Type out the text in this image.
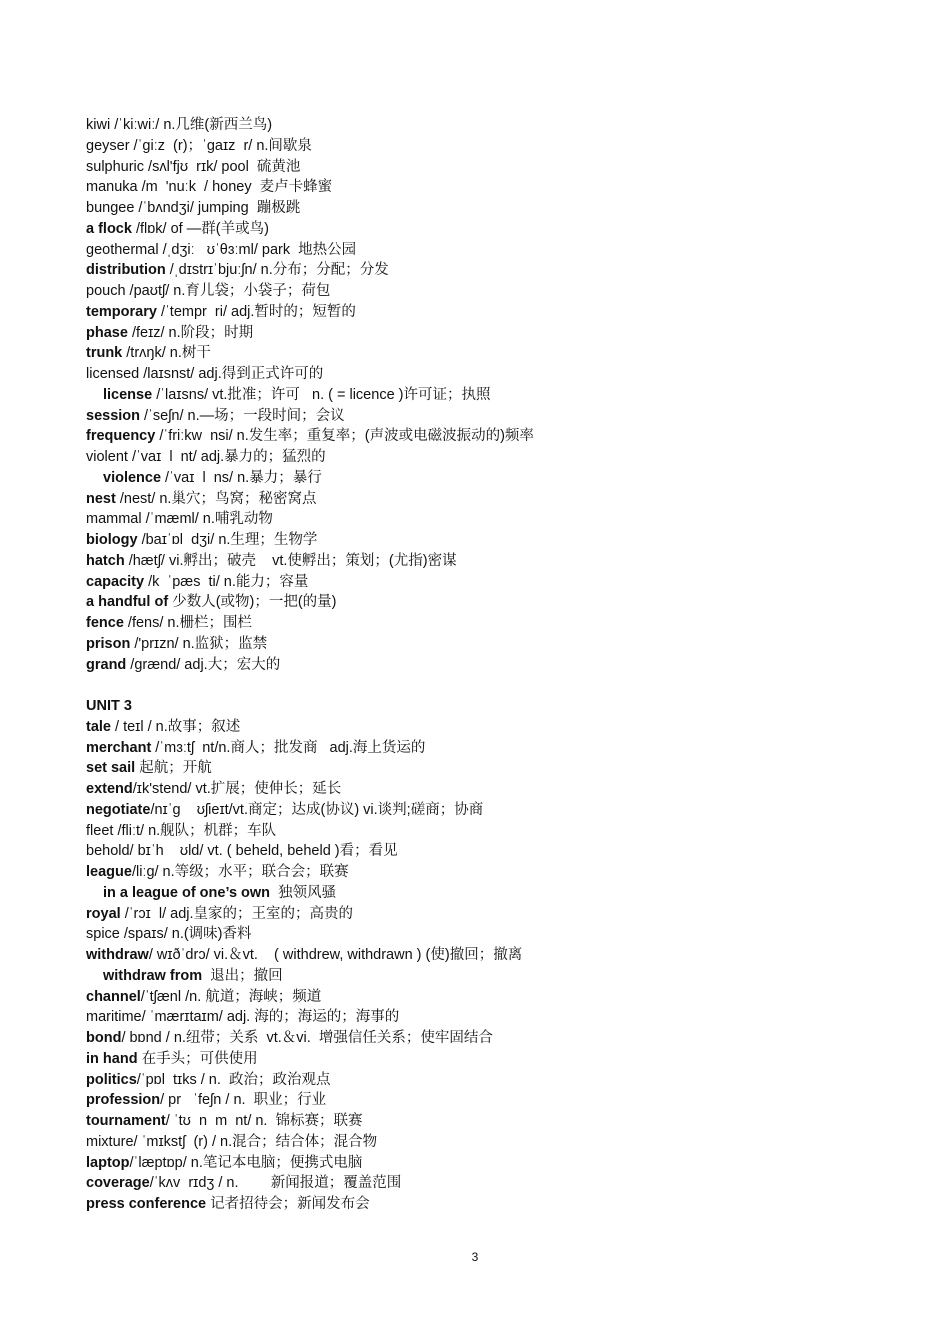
kiwi /ˈkiːwiː/ n.几维(新西兰鸟)
geyser /ˈɡiːz  (r)；ˈɡaɪz  r/ n.间歇泉
sulphuric /sʌl'fjʊ  rɪk/ pool  硫黄池
manuka /m  'nuːk  / honey  麦卢卡蜂蜜
bungee /ˈbʌndʒi/ jumping  蹦极跳
a flock /flɒk/ of —群(羊或鸟)
geothermal /ˌdʒiː   ʊˈθɜːml/ park  地热公园
distribution /ˌdɪstrɪˈbjuːʃn/ n.分布；分配；分发
pouch /paʊtʃ/ n.育儿袋；小袋子；荷包
temporary /ˈtempr  ri/ adj.暂时的；短暂的
phase /feɪz/ n.阶段；时期
trunk /trʌŋk/ n.树干
licensed /laɪsnst/ adj.得到正式许可的
license /ˈlaɪsns/ vt.批准；许可   n. ( = licence )许可证；执照
session /ˈseʃn/ n.—场；一段时间；会议
frequency /ˈfriːkw  nsi/ n.发生率；重复率；(声波或电磁波振动的)频率
violent /ˈvaɪ  l  nt/ adj.暴力的；猛烈的
violence /ˈvaɪ  l  ns/ n.暴力；暴行
nest /nest/ n.巢穴；鸟窝；秘密窝点
mammal /ˈmæml/ n.哺乳动物
biology /baɪˈɒl  dʒi/ n.生理；生物学
hatch /hætʃ/ vi.孵出；破壳    vt.使孵出；策划；(尤指)密谋
capacity /k  ˈpæs  ti/ n.能力；容量
a handful of 少数人(或物)；一把(的量)
fence /fens/ n.栅栏；围栏
prison /'prɪzn/ n.监狱；监禁
grand /ɡrænd/ adj.大；宏大的
UNIT 3
tale / teɪl / n.故事；叙述
merchant /ˈmɜːtʃ  nt/n.商人；批发商   adj.海上货运的
set sail 起航；开航
extend/ɪk'stend/ vt.扩展；使伸长；延长
negotiate/nɪˈɡ    ʊʃieɪt/vt.商定；达成(协议) vi.谈判;磋商；协商
fleet /fliːt/ n.舰队；机群；车队
behold/ bɪˈh    ʊld/ vt. ( beheld, beheld )看；看见
league/liːɡ/ n.等级；水平；联合会；联赛
in a league of one’s own  独领风骚
royal /ˈrɔɪ  l/ adj.皇家的；王室的；高贵的
spice /spaɪs/ n.(调味)香料
withdraw/ wɪðˈdrɔ/ vi.＆vt.    ( withdrew, withdrawn ) (使)撤回；撤离
withdraw from  退出；撤回
channel/ˈtʃænl /n. 航道；海峡；频道
maritime/ ˈmærɪtaɪm/ adj. 海的；海运的；海事的
bond/ bɒnd / n.纽带；关系  vt.＆vi.  增强信任关系；使牢固结合
in hand 在手头；可供使用
politics/ˈpɒl  tɪks / n.  政治；政治观点
profession/ pr   ˈfeʃn / n.  职业；行业
tournament/ ˈtʊ  n  m  nt/ n.  锦标赛；联赛
mixture/ ˈmɪkstʃ  (r) / n.混合；结合体；混合物
laptop/ˈlæptɒp/ n.笔记本电脑；便携式电脑
coverage/ˈkʌv  rɪdʒ / n.        新闻报道；覆盖范围
press conference 记者招待会；新闻发布会
3
